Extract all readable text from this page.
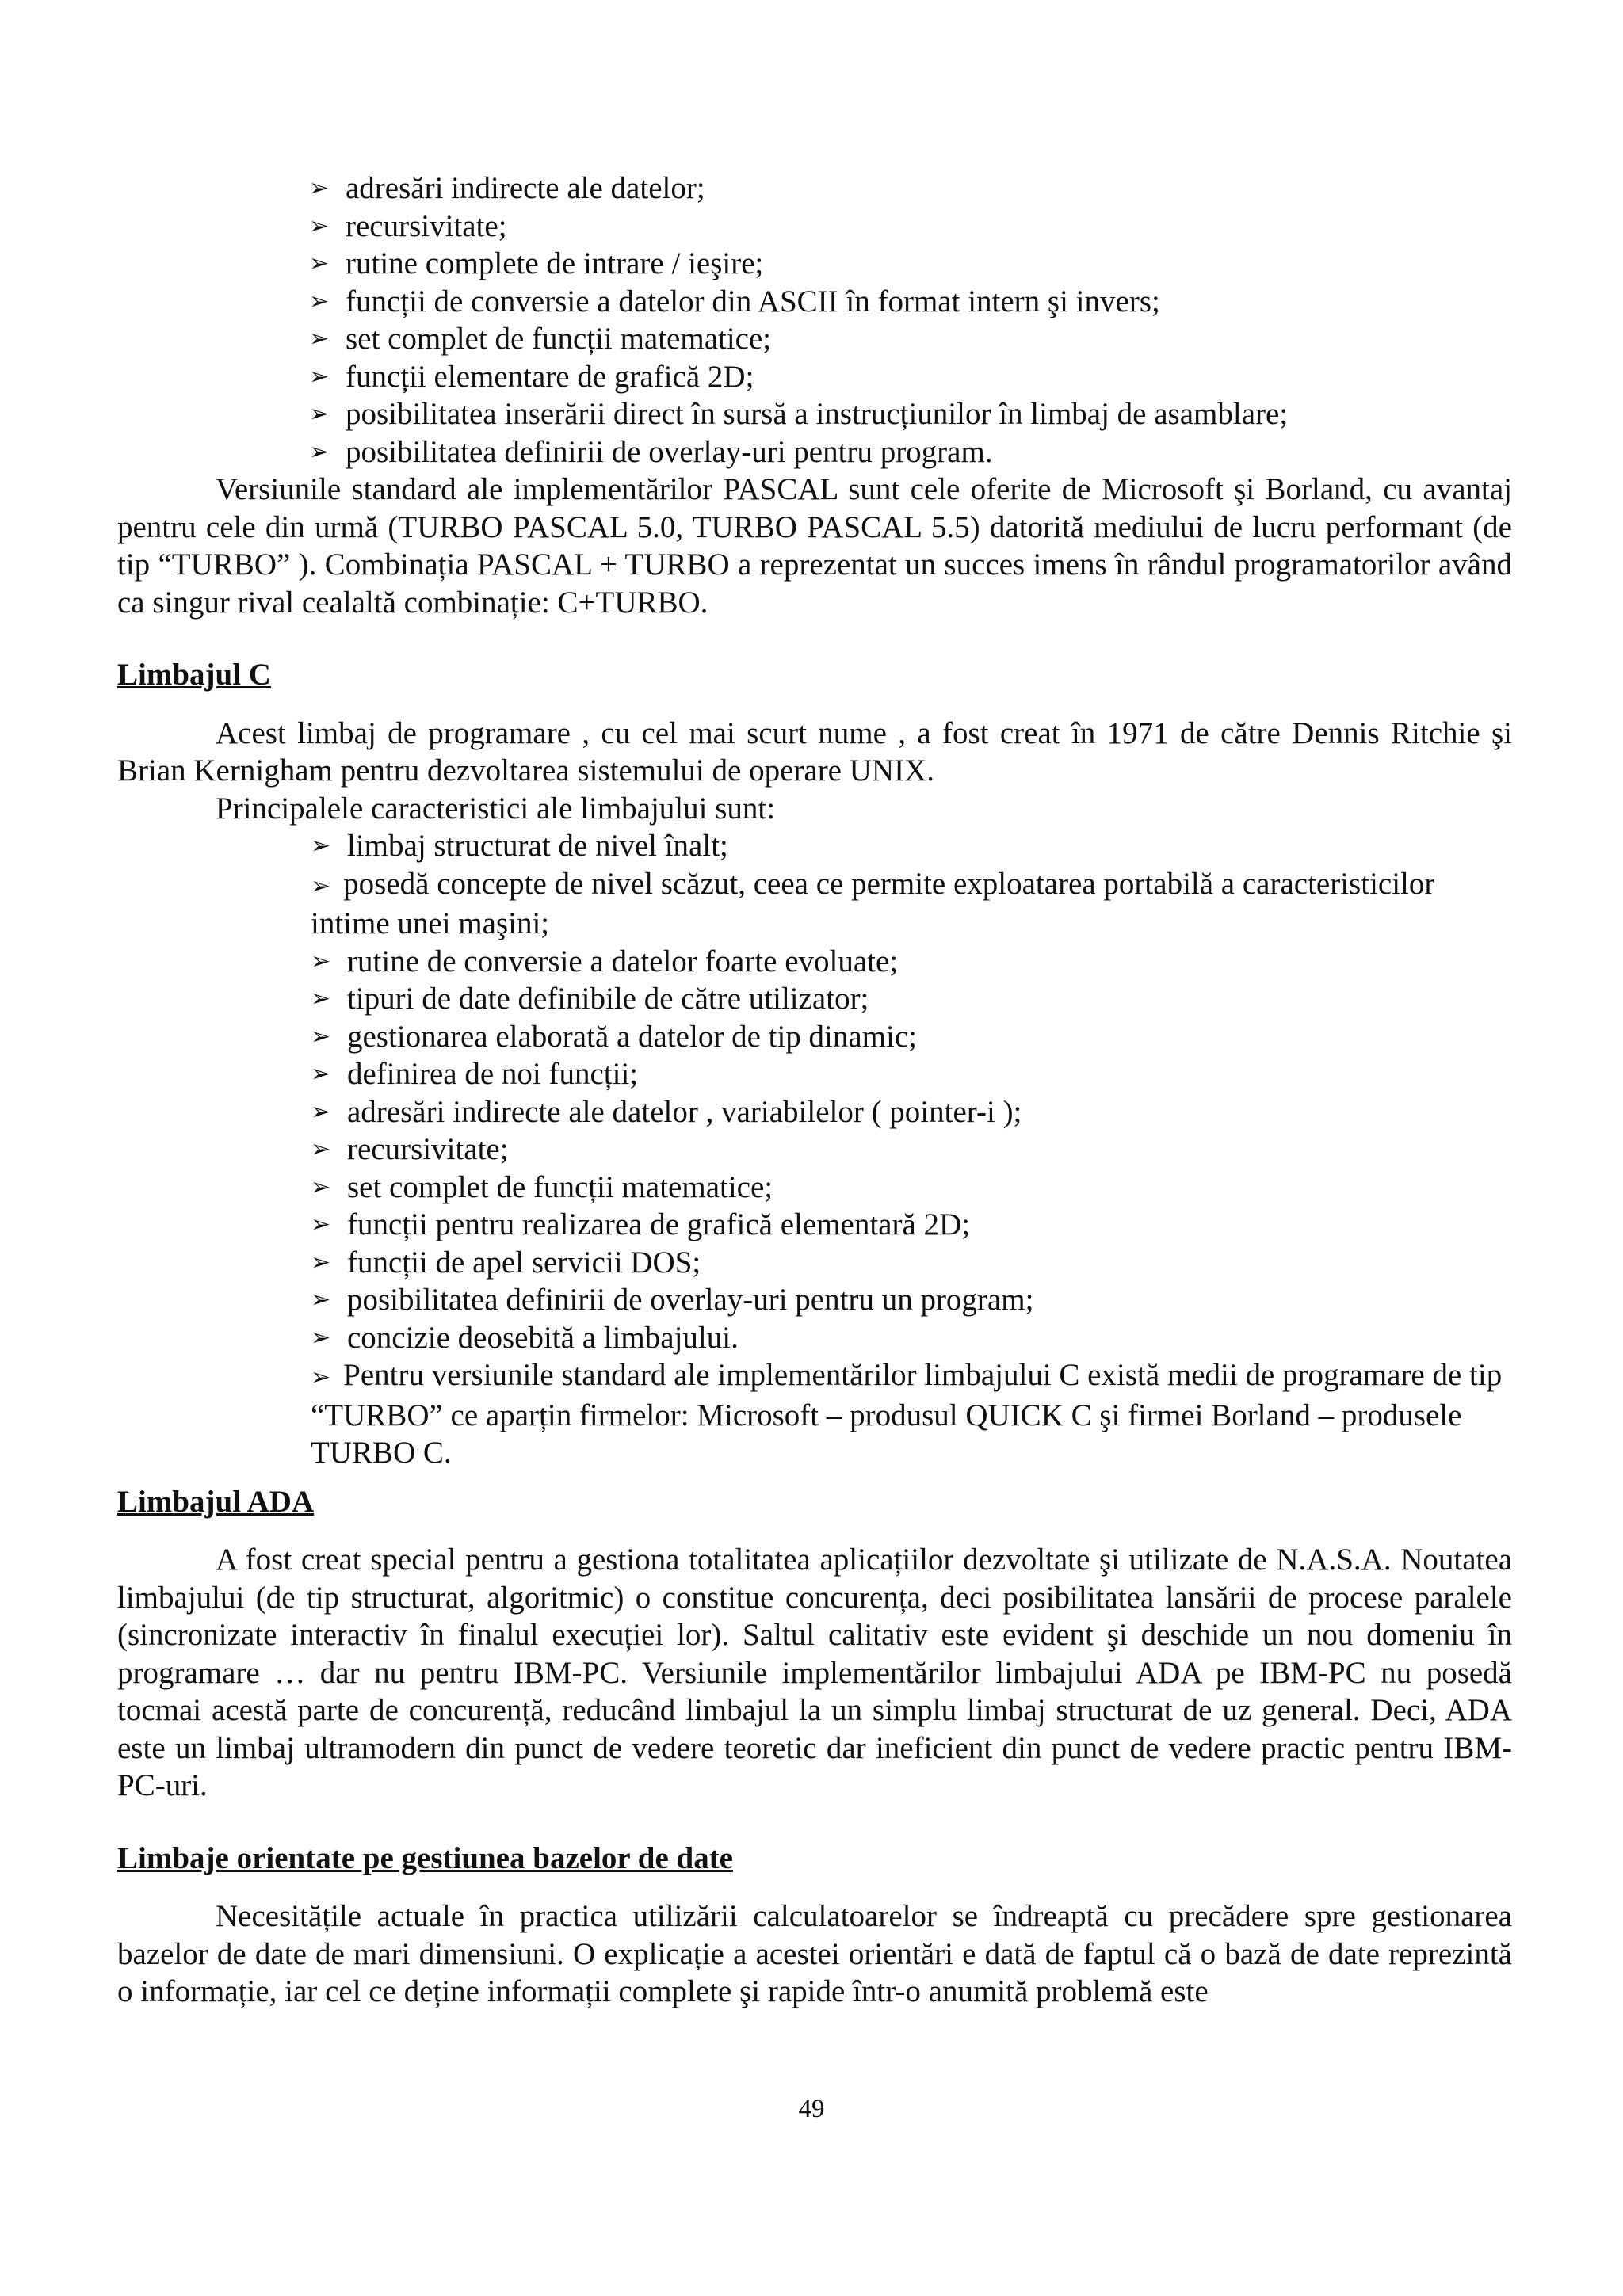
➢ adresări indirecte ale datelor;
➢ recursivitate;
➢ rutine complete de intrare / ieşire;
➢ funcții de conversie a datelor din ASCII în format intern şi invers;
➢ set complet de funcții matematice;
➢ funcții elementare de grafică 2D;
➢ posibilitatea inserării direct în sursă a instrucțiunilor în limbaj de asamblare;
➢ posibilitatea definirii de overlay-uri pentru program.

Versiunile standard ale implementărilor PASCAL sunt cele oferite de Microsoft şi Borland, cu avantaj pentru cele din urmă (TURBO PASCAL 5.0, TURBO PASCAL 5.5) datorită mediului de lucru performant (de tip “TURBO” ). Combinația PASCAL + TURBO a reprezentat un succes imens în rândul programatorilor având ca singur rival cealaltă combinație: C+TURBO.

Limbajul C

Acest limbaj de programare , cu cel mai scurt nume , a fost creat în 1971 de către Dennis Ritchie şi Brian Kernigham pentru dezvoltarea sistemului de operare UNIX.

Principalele caracteristici ale limbajului sunt:

➢ limbaj structurat de nivel înalt;
➢ posedă concepte de nivel scăzut, ceea ce permite exploatarea portabilă a caracteristicilor intime unei maşini;
➢ rutine de conversie a datelor foarte evoluate;
➢ tipuri de date definibile de către utilizator;
➢ gestionarea elaborată a datelor de tip dinamic;
➢ definirea de noi funcții;
➢ adresări indirecte ale datelor , variabilelor ( pointer-i );
➢ recursivitate;
➢ set complet de funcții matematice;
➢ funcții pentru realizarea de grafică elementară 2D;
➢ funcții de apel servicii DOS;
➢ posibilitatea definirii de overlay-uri pentru un program;
➢ concizie deosebită a limbajului.
➢ Pentru versiunile standard ale implementărilor limbajului C există medii de programare de tip “TURBO” ce aparțin firmelor: Microsoft – produsul QUICK C şi firmei Borland – produsele TURBO C.
Limbajul ADA

A fost creat special pentru a gestiona totalitatea aplicațiilor dezvoltate şi utilizate de N.A.S.A. Noutatea limbajului (de tip structurat, algoritmic) o constitue concurența, deci posibilitatea lansării de procese paralele (sincronizate interactiv în finalul execuției lor). Saltul calitativ este evident şi deschide un nou domeniu în programare … dar nu pentru IBM-PC. Versiunile implementărilor limbajului ADA pe IBM-PC nu posedă tocmai acestă parte de concurență, reducând limbajul la un simplu limbaj structurat de uz general. Deci, ADA este un limbaj ultramodern din punct de vedere teoretic dar ineficient din punct de vedere practic pentru IBM-PC-uri.

Limbaje orientate pe gestiunea bazelor de date

Necesitățile actuale în practica utilizării calculatoarelor se îndreaptă cu precădere spre gestionarea bazelor de date de mari dimensiuni. O explicație a acestei orientări e dată de faptul că o bază de date reprezintă o informație, iar cel ce deține informații complete şi rapide într-o anumită problemă este

49
